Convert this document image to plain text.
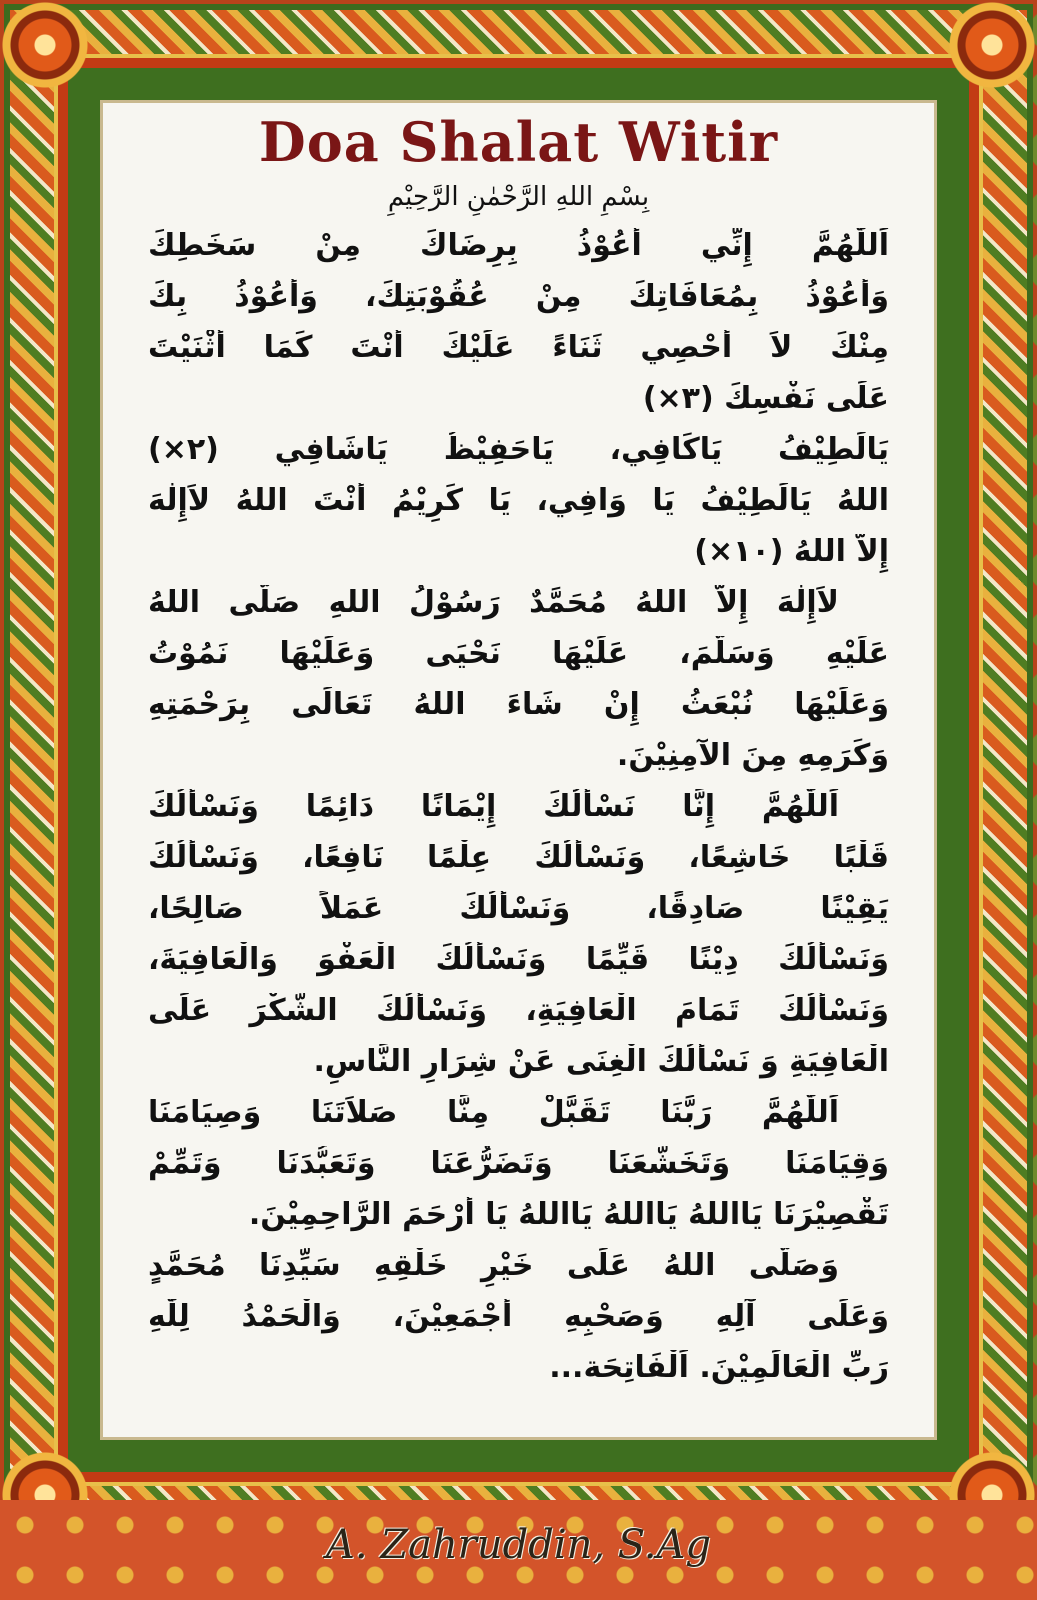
Doa Shalat Witir
بِسْمِ اللهِ الرَّحْمٰنِ الرَّحِيْمِ
اَللّٰهُمَّ إِنِّي أَعُوْذُ بِرِضَاكَ مِنْ سَخَطِكَ
وَأَعُوْذُ بِمُعَافَاتِكَ مِنْ عُقُوْبَتِكَ، وَأَعُوْذُ بِكَ
مِنْكَ لاَ أُحْصِي ثَنَاءً عَلَيْكَ أَنْتَ كَمَا أَثْنَيْتَ
عَلَى نَفْسِكَ (٣×)
يَالَطِيْفُ يَاكَافِي، يَاحَفِيْظُ يَاشَافِي (٢×)
اللهُ يَالَطِيْفُ يَا وَافِي، يَا كَرِيْمُ أَنْتَ اللهُ لاَإِلٰهَ
إِلاَّ اللهُ (١٠×)
لاَإِلٰهَ إِلاَّ اللهُ مُحَمَّدٌ رَسُوْلُ اللهِ صَلَّى اللهُ
عَلَيْهِ وَسَلَّمَ، عَلَيْهَا نَحْيَى وَعَلَيْهَا نَمُوْتُ
وَعَلَيْهَا نُبْعَثُ إِنْ شَاءَ اللهُ تَعَالَى بِرَحْمَتِهِ
وَكَرَمِهِ مِنَ الآمِنِيْنَ.
اَللّٰهُمَّ إِنَّا نَسْأَلُكَ إِيْمَانًا دَائِمًا وَنَسْأَلُكَ
قَلْبًا خَاشِعًا، وَنَسْأَلُكَ عِلْمًا نَافِعًا، وَنَسْأَلُكَ
يَقِيْنًا صَادِقًا، وَنَسْأَلُكَ عَمَلاً صَالِحًا،
وَنَسْأَلُكَ دِيْنًا قَيِّمًا وَنَسْأَلُكَ الْعَفْوَ وَالْعَافِيَةَ،
وَنَسْأَلُكَ تَمَامَ الْعَافِيَةِ، وَنَسْأَلُكَ الشُّكْرَ عَلَى
الْعَافِيَةِ وَ نَسْأَلُكَ الْغِنَى عَنْ شِرَارِ النَّاسِ.
اَللّٰهُمَّ رَبَّنَا تَقَبَّلْ مِنَّا صَلاَتَنَا وَصِيَامَنَا
وَقِيَامَنَا وَتَخَشُّعَنَا وَتَضَرُّعَنَا وَتَعَبُّدَنَا وَتَمِّمْ
تَقْصِيْرَنَا يَااللهُ يَااللهُ يَااللهُ يَا أَرْحَمَ الرَّاحِمِيْنَ.
وَصَلَّى اللهُ عَلَى خَيْرِ خَلْقِهِ سَيِّدِنَا مُحَمَّدٍ
وَعَلَى آلِهِ وَصَحْبِهِ أَجْمَعِيْنَ، وَالْحَمْدُ لِلّٰهِ
رَبِّ الْعَالَمِيْنَ. اَلْفَاتِحَة...
A. Zahruddin, S.Ag
